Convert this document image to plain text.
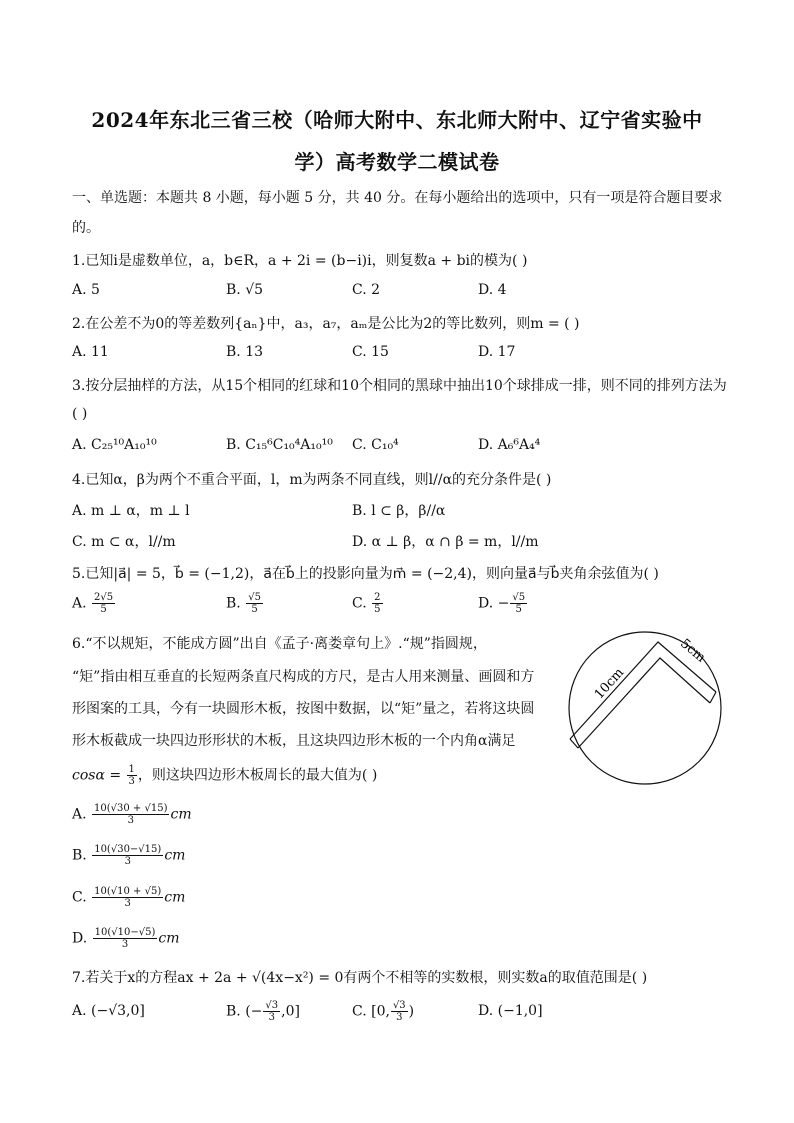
2024年东北三省三校（哈师大附中、东北师大附中、辽宁省实验中
学）高考数学二模试卷
一、单选题：本题共 8 小题，每小题 5 分，共 40 分。在每小题给出的选项中，只有一项是符合题目要求
的。
1.已知i是虚数单位，a，b∈R，a + 2i = (b−i)i，则复数a + bi的模为( )
A. 5	B. √5	C. 2	D. 4
2.在公差不为0的等差数列{aₙ}中，a₃，a₇，aₘ是公比为2的等比数列，则m = ( )
A. 11	B. 13	C. 15	D. 17
3.按分层抽样的方法，从15个相同的红球和10个相同的黑球中抽出10个球排成一排，则不同的排列方法为
( )
A. C₂₅¹⁰A₁₀¹⁰	B. C₁₅⁶C₁₀⁴A₁₀¹⁰ C. C₁₀⁴	D. A₆⁶A₄⁴
4.已知α，β为两个不重合平面，l，m为两条不同直线，则l//α的充分条件是( )
A. m ⊥ α，m ⊥ l	B. l ⊂ β，β//α
C. m ⊂ α，l//m	D. α ⊥ β，α ∩ β = m，l//m
5.已知|a⃗| = 5，b⃗ = (−1,2)，a⃗在b⃗上的投影向量为m⃗ = (−2,4)，则向量a⃗与b⃗夹角余弦值为( )
A. $\frac{2√5}{5}$	B. $\frac{√5}{5}$	C. $\frac{2}{5}$	D. − $\frac{√5}{5}$
6.“不以规矩，不能成方圆”出自《孟子·离娄章句上》.“规”指圆规，
“矩”指由相互垂直的长短两条直尺构成的方尺，是古人用来测量、画圆和方
形图案的工具，今有一块圆形木板，按图中数据，以“矩”量之，若将这块圆
形木板截成一块四边形形状的木板，且这块四边形木板的一个内角α满足
$\cos\alpha = \frac{1}{3}$ ，则这块四边形木板周长的最大值为( )
10cm
5cm
A. $\frac{10(√30 + √15)}{3}$ cm
B. $\frac{10(√30-√15)}{3}$ cm
C. $\frac{10(√10 + √5)}{3}$ cm
D. $\frac{10(√10-√5)}{3}$ cm
7.若关于x的方程ax + 2a + √(4x−x²) = 0有两个不相等的实数根，则实数a的取值范围是( )
A. (−√3,0]	B. (− $\frac{√3}{3} ,0$]	C. [0, $\frac{√3}{3}$ )	D. (−1,0]
